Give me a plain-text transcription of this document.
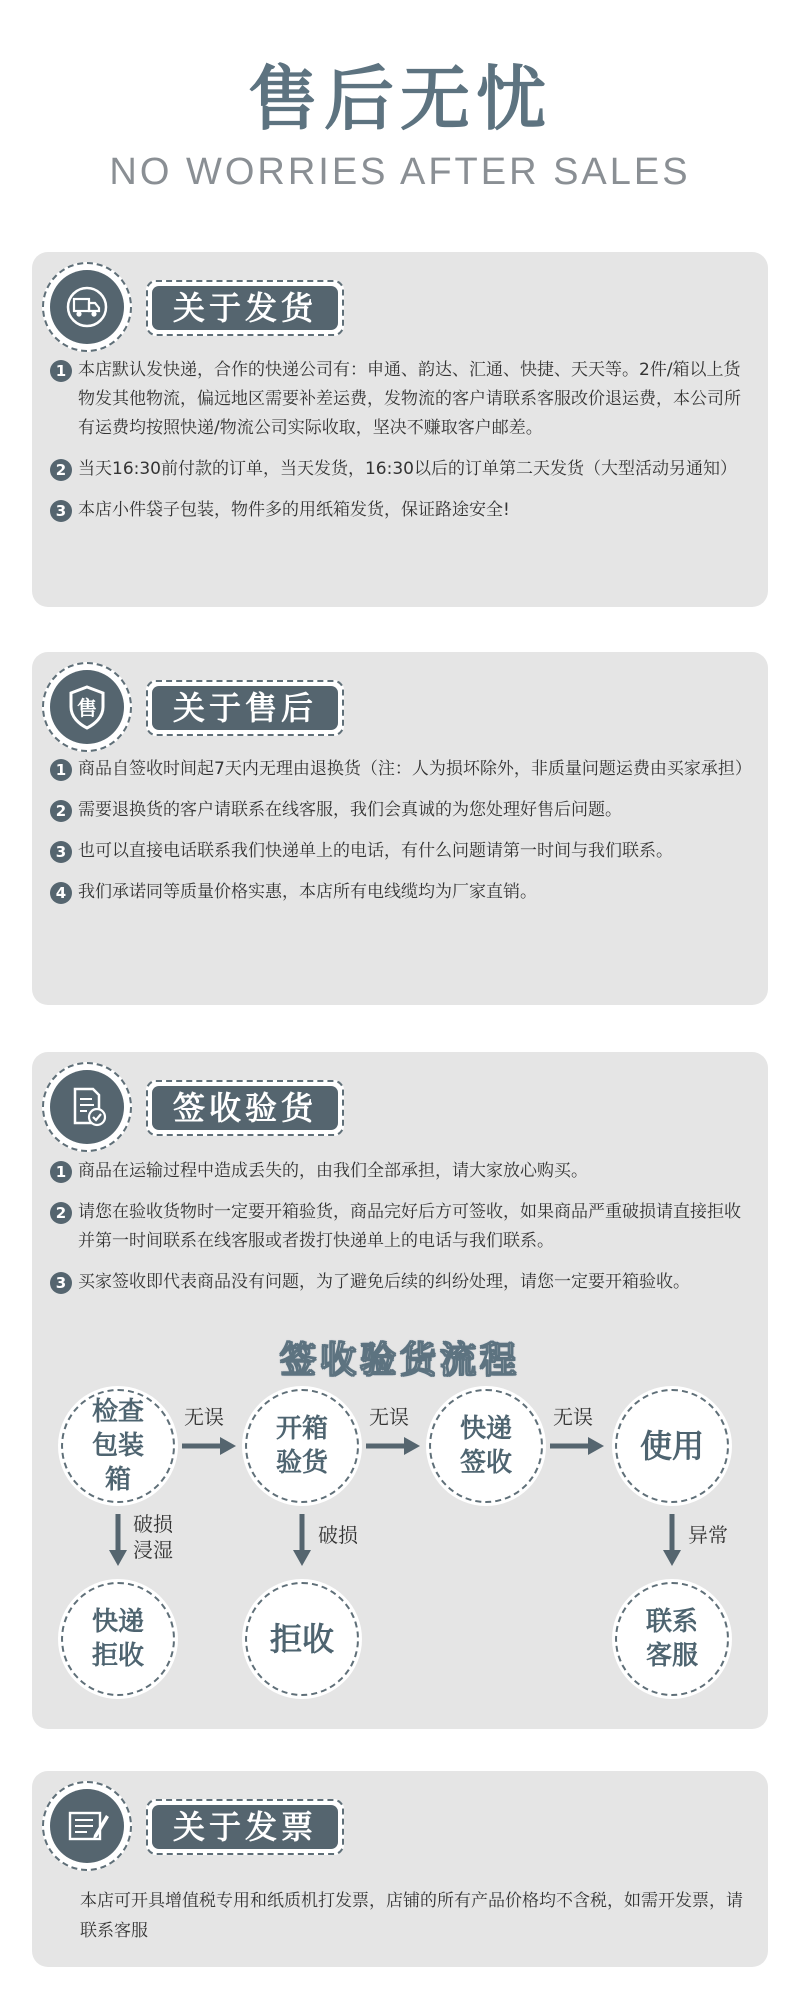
售后无忧
NO WORRIES AFTER SALES
关于发货
1 本店默认发快递，合作的快递公司有：申通、韵达、汇通、快捷、天天等。2件/箱以上货物发其他物流，偏远地区需要补差运费，发物流的客户请联系客服改价退运费，本公司所有运费均按照快递/物流公司实际收取，坚决不赚取客户邮差。
2 当天16:30前付款的订单，当天发货，16:30以后的订单第二天发货（大型活动另通知）
3 本店小件袋子包装，物件多的用纸箱发货，保证路途安全!
售	关于售后
1 商品自签收时间起7天内无理由退换货（注：人为损坏除外，非质量问题运费由买家承担）
2 需要退换货的客户请联系在线客服，我们会真诚的为您处理好售后问题。
3 也可以直接电话联系我们快递单上的电话，有什么问题请第一时间与我们联系。
4 我们承诺同等质量价格实惠，本店所有电线缆均为厂家直销。
签收验货
1 商品在运输过程中造成丢失的，由我们全部承担，请大家放心购买。
2 请您在验收货物时一定要开箱验货，商品完好后方可签收，如果商品严重破损请直接拒收并第一时间联系在线客服或者拨打快递单上的电话与我们联系。
3 买家签收即代表商品没有问题，为了避免后续的纠纷处理，请您一定要开箱验收。
签收验货流程
检查包装箱
开箱验货
快递签收	使用
无误	无误	无误
破损浸湿
破损	异常
快递拒收	拒收	联系客服
关于发票
本店可开具增值税专用和纸质机打发票，店铺的所有产品价格均不含税，如需开发票，请联系客服
